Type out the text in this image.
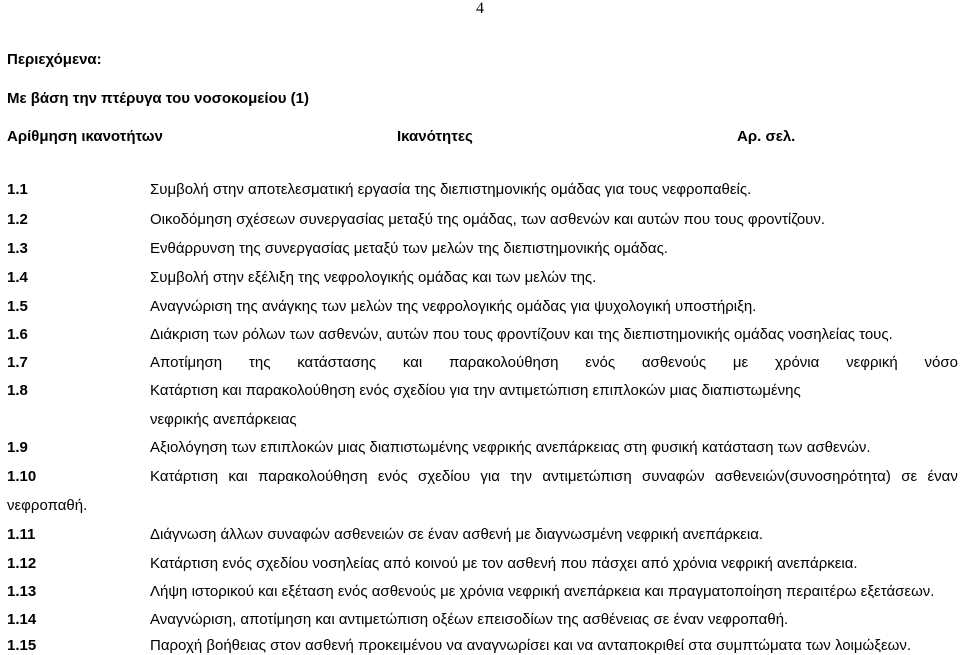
4
Περιεχόμενα:
Με βάση την πτέρυγα του νοσοκομείου (1)
Αρίθμηση ικανοτήτων	Ικανότητες	Αρ. σελ.
1.1	Συμβολή στην αποτελεσματική εργασία της διεπιστημονικής ομάδας για τους νεφροπαθείς.
1.2	Οικοδόμηση σχέσεων συνεργασίας μεταξύ της ομάδας, των ασθενών και αυτών που τους φροντίζουν.
1.3	Ενθάρρυνση της συνεργασίας μεταξύ των μελών της διεπιστημονικής ομάδας.
1.4	Συμβολή στην εξέλιξη της νεφρολογικής ομάδας και των μελών της.
1.5	Αναγνώριση της ανάγκης των μελών της νεφρολογικής ομάδας για ψυχολογική υποστήριξη.
1.6	Διάκριση των ρόλων των ασθενών, αυτών που τους φροντίζουν και της διεπιστημονικής ομάδας νοσηλείας τους.
1.7	Αποτίμηση της κατάστασης και παρακολούθηση ενός ασθενούς με χρόνια νεφρική νόσο
1.8	Κατάρτιση και παρακολούθηση ενός σχεδίου για την αντιμετώπιση επιπλοκών μιας διαπιστωμένης
νεφρικής ανεπάρκειας
1.9	Αξιολόγηση των επιπλοκών μιας διαπιστωμένης νεφρικής ανεπάρκειας στη φυσική κατάσταση των ασθενών.
1.10	Κατάρτιση και παρακολούθηση ενός σχεδίου για την αντιμετώπιση συναφών ασθενειών(συνοσηρότητα) σε έναν
νεφροπαθή.
1.11	Διάγνωση άλλων συναφών ασθενειών σε έναν ασθενή με διαγνωσμένη νεφρική ανεπάρκεια.
1.12	Κατάρτιση ενός σχεδίου νοσηλείας από κοινού με τον ασθενή που πάσχει από χρόνια νεφρική ανεπάρκεια.
1.13	Λήψη ιστορικού και εξέταση ενός ασθενούς με χρόνια νεφρική ανεπάρκεια και πραγματοποίηση περαιτέρω εξετάσεων.
1.14	Αναγνώριση, αποτίμηση και αντιμετώπιση οξέων επεισοδίων της ασθένειας σε έναν νεφροπαθή.
1.15	Παροχή βοήθειας στον ασθενή προκειμένου να αναγνωρίσει και να ανταποκριθεί στα συμπτώματα των λοιμώξεων.
